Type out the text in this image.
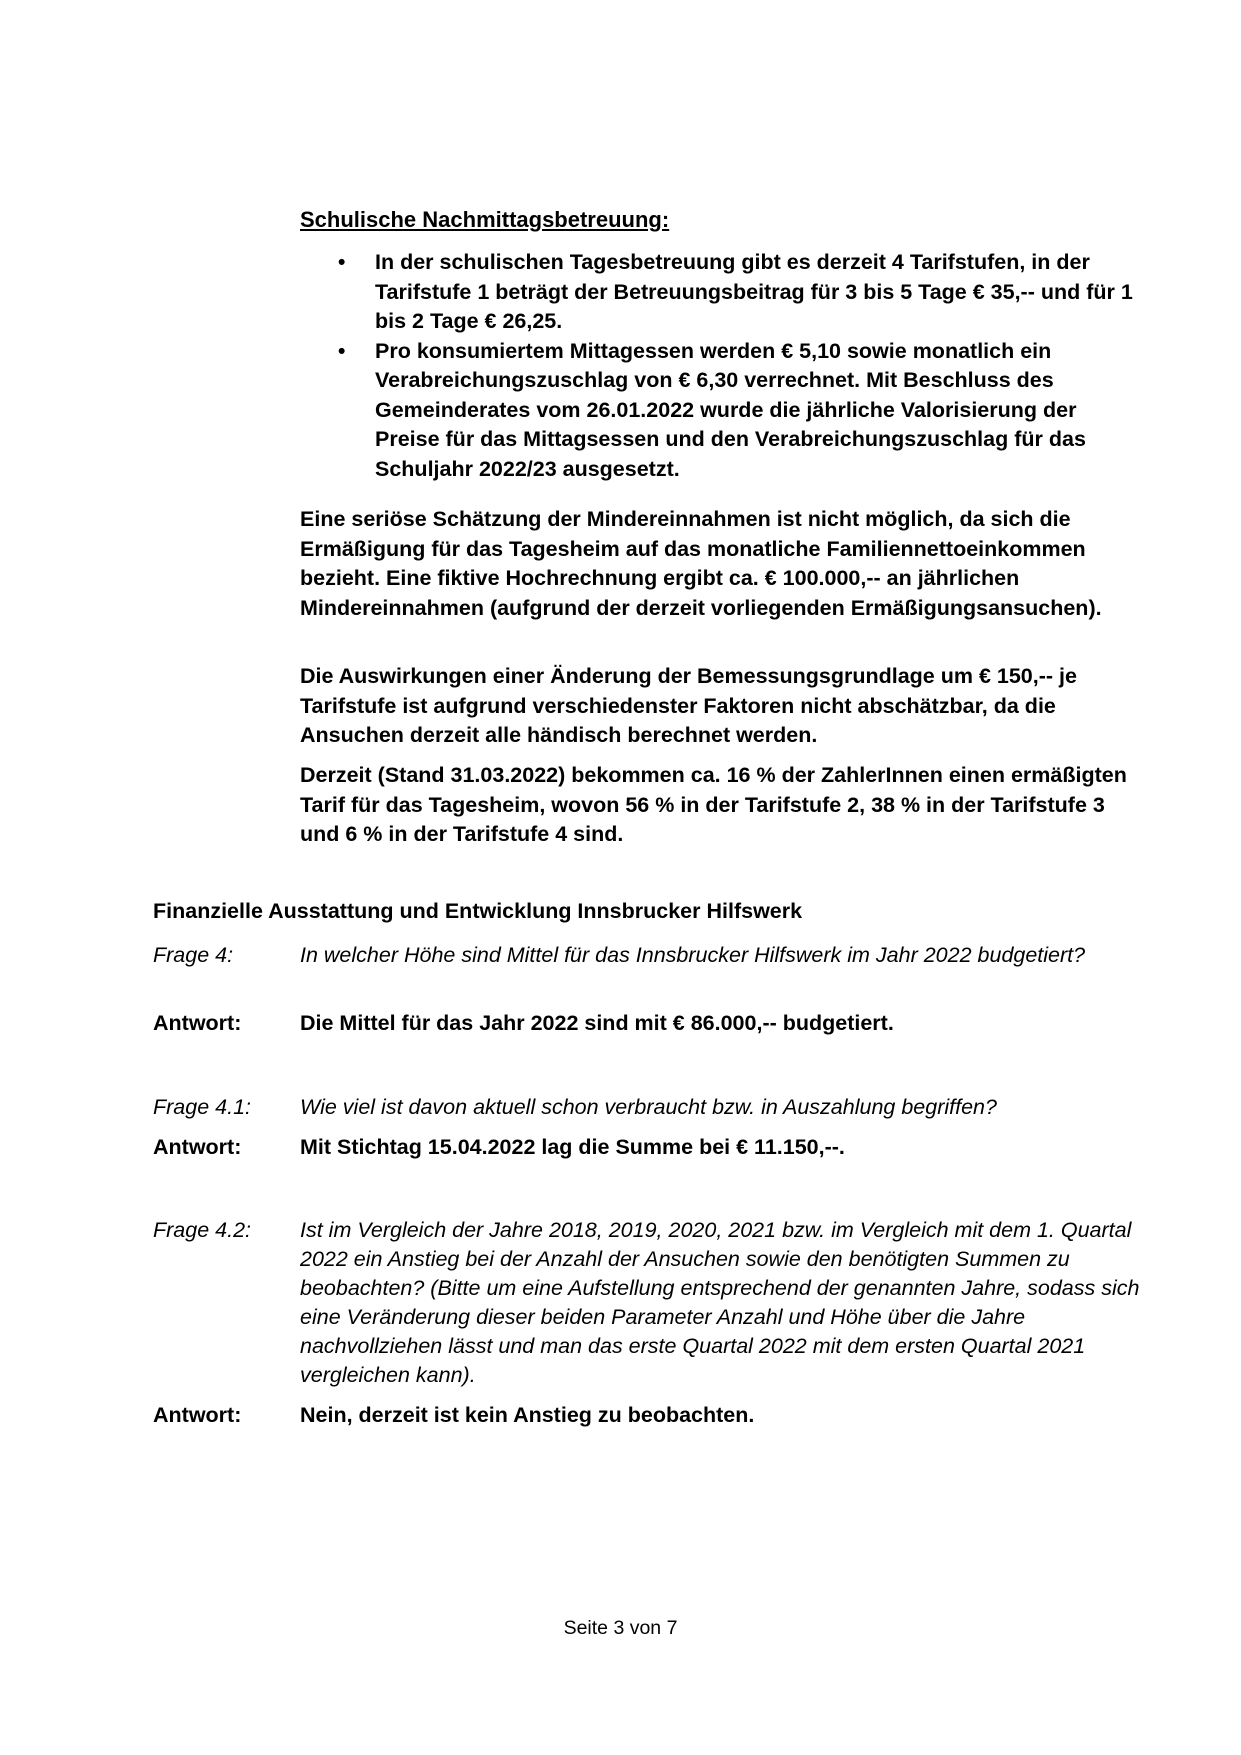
Schulische Nachmittagsbetreuung:
• In der schulischen Tagesbetreuung gibt es derzeit 4 Tarifstufen, in der Tarifstufe 1 beträgt der Betreuungsbeitrag für 3 bis 5 Tage € 35,-- und für 1 bis 2 Tage € 26,25.
• Pro konsumiertem Mittagessen werden € 5,10 sowie monatlich ein Verabreichungszuschlag von € 6,30 verrechnet. Mit Beschluss des Gemeinderates vom 26.01.2022 wurde die jährliche Valorisierung der Preise für das Mittagsessen und den Verabreichungszuschlag für das Schuljahr 2022/23 ausgesetzt.

Eine seriöse Schätzung der Mindereinnahmen ist nicht möglich, da sich die Ermäßigung für das Tagesheim auf das monatliche Familiennettoeinkommen bezieht. Eine fiktive Hochrechnung ergibt ca. € 100.000,-- an jährlichen Mindereinnahmen (aufgrund der derzeit vorliegenden Ermäßigungsansuchen).

Die Auswirkungen einer Änderung der Bemessungsgrundlage um € 150,-- je Tarifstufe ist aufgrund verschiedenster Faktoren nicht abschätzbar, da die Ansuchen derzeit alle händisch berechnet werden.

Derzeit (Stand 31.03.2022) bekommen ca. 16 % der ZahlerInnen einen ermäßigten Tarif für das Tagesheim, wovon 56 % in der Tarifstufe 2, 38 % in der Tarifstufe 3 und 6 % in der Tarifstufe 4 sind.

Finanzielle Ausstattung und Entwicklung Innsbrucker Hilfswerk
Frage 4:	In welcher Höhe sind Mittel für das Innsbrucker Hilfswerk im Jahr 2022 budgetiert?
Antwort:	Die Mittel für das Jahr 2022 sind mit € 86.000,-- budgetiert.
Frage 4.1:	Wie viel ist davon aktuell schon verbraucht bzw. in Auszahlung begriffen?
Antwort:	Mit Stichtag 15.04.2022 lag die Summe bei € 11.150,--.
Frage 4.2:	Ist im Vergleich der Jahre 2018, 2019, 2020, 2021 bzw. im Vergleich mit dem 1. Quartal 2022 ein Anstieg bei der Anzahl der Ansuchen sowie den benötigten Summen zu beobachten? (Bitte um eine Aufstellung entsprechend der genannten Jahre, sodass sich eine Veränderung dieser beiden Parameter Anzahl und Höhe über die Jahre nachvollziehen lässt und man das erste Quartal 2022 mit dem ersten Quartal 2021 vergleichen kann).
Antwort:	Nein, derzeit ist kein Anstieg zu beobachten.
Seite 3 von 7
